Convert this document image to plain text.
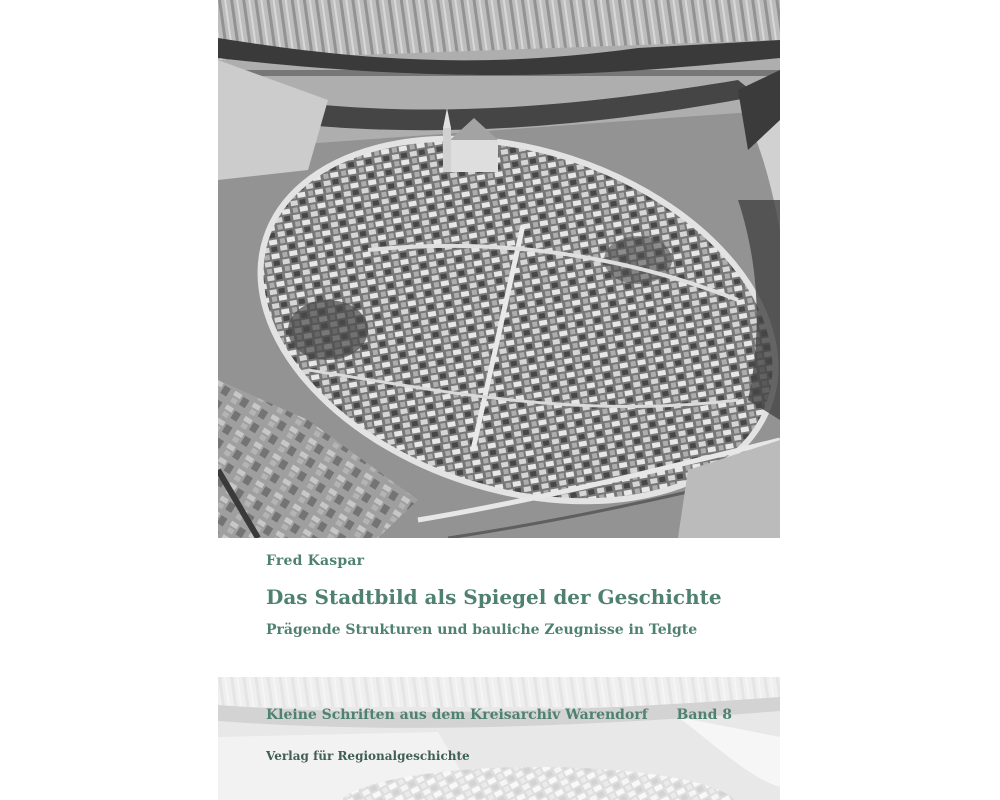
Fred Kaspar
Das Stadtbild als Spiegel der Geschichte
Prägende Strukturen und bauliche Zeugnisse in Telgte
Kleine Schriften aus dem Kreisarchiv Warendorf Band 8
Verlag für Regionalgeschichte
